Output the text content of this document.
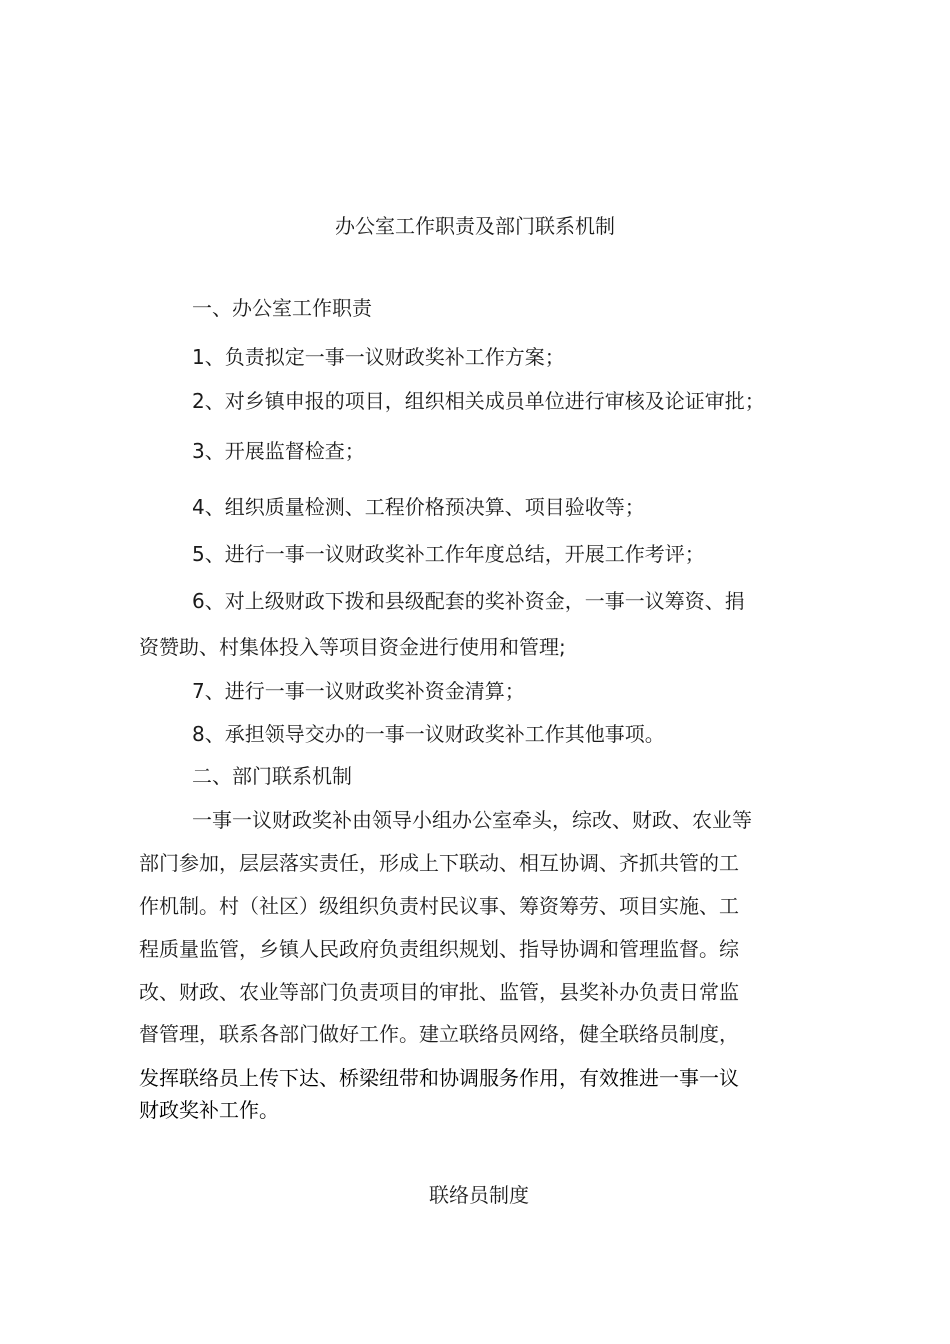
办公室工作职责及部门联系机制
一、办公室工作职责
1、负责拟定一事一议财政奖补工作方案；
2、对乡镇申报的项目，组织相关成员单位进行审核及论证审批；
3、开展监督检查；
4、组织质量检测、工程价格预决算、项目验收等；
5、进行一事一议财政奖补工作年度总结，开展工作考评；
6、对上级财政下拨和县级配套的奖补资金，一事一议筹资、捐
资赞助、村集体投入等项目资金进行使用和管理;
7、进行一事一议财政奖补资金清算；
8、承担领导交办的一事一议财政奖补工作其他事项。
二、部门联系机制
一事一议财政奖补由领导小组办公室牵头，综改、财政、农业等
部门参加，层层落实责任，形成上下联动、相互协调、齐抓共管的工
作机制。村（社区）级组织负责村民议事、筹资筹劳、项目实施、工
程质量监管，乡镇人民政府负责组织规划、指导协调和管理监督。综
改、财政、农业等部门负责项目的审批、监管，县奖补办负责日常监
督管理，联系各部门做好工作。建立联络员网络，健全联络员制度，
发挥联络员上传下达、桥梁纽带和协调服务作用，有效推进一事一议
财政奖补工作。
联络员制度
